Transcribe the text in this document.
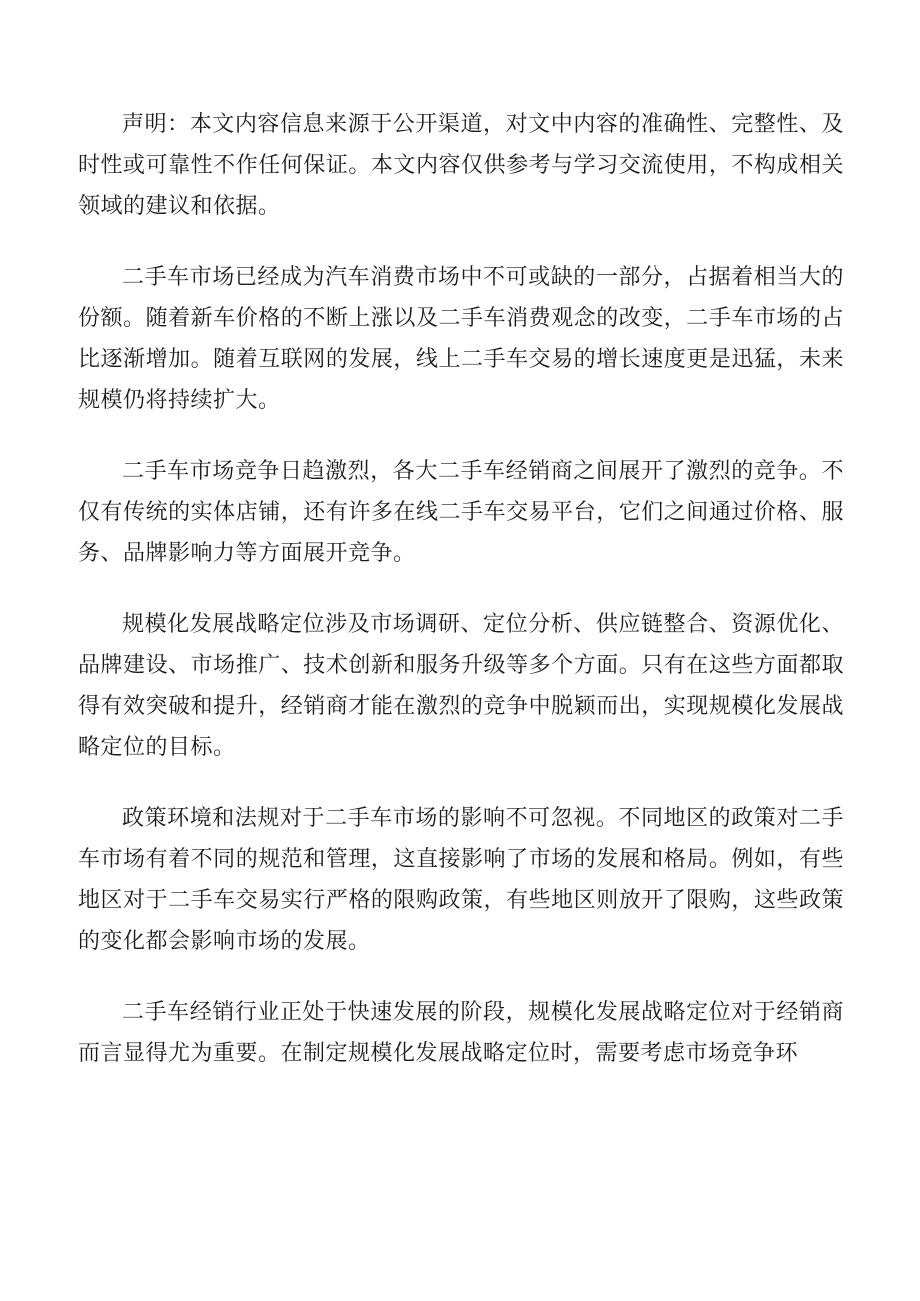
声明：本文内容信息来源于公开渠道，对文中内容的准确性、完整性、及时性或可靠性不作任何保证。本文内容仅供参考与学习交流使用，不构成相关领域的建议和依据。

二手车市场已经成为汽车消费市场中不可或缺的一部分，占据着相当大的份额。随着新车价格的不断上涨以及二手车消费观念的改变，二手车市场的占比逐渐增加。随着互联网的发展，线上二手车交易的增长速度更是迅猛，未来规模仍将持续扩大。

二手车市场竞争日趋激烈，各大二手车经销商之间展开了激烈的竞争。不仅有传统的实体店铺，还有许多在线二手车交易平台，它们之间通过价格、服务、品牌影响力等方面展开竞争。

规模化发展战略定位涉及市场调研、定位分析、供应链整合、资源优化、品牌建设、市场推广、技术创新和服务升级等多个方面。只有在这些方面都取得有效突破和提升，经销商才能在激烈的竞争中脱颖而出，实现规模化发展战略定位的目标。

政策环境和法规对于二手车市场的影响不可忽视。不同地区的政策对二手车市场有着不同的规范和管理，这直接影响了市场的发展和格局。例如，有些地区对于二手车交易实行严格的限购政策，有些地区则放开了限购，这些政策的变化都会影响市场的发展。

二手车经销行业正处于快速发展的阶段，规模化发展战略定位对于经销商而言显得尤为重要。在制定规模化发展战略定位时，需要考虑市场竞争环
